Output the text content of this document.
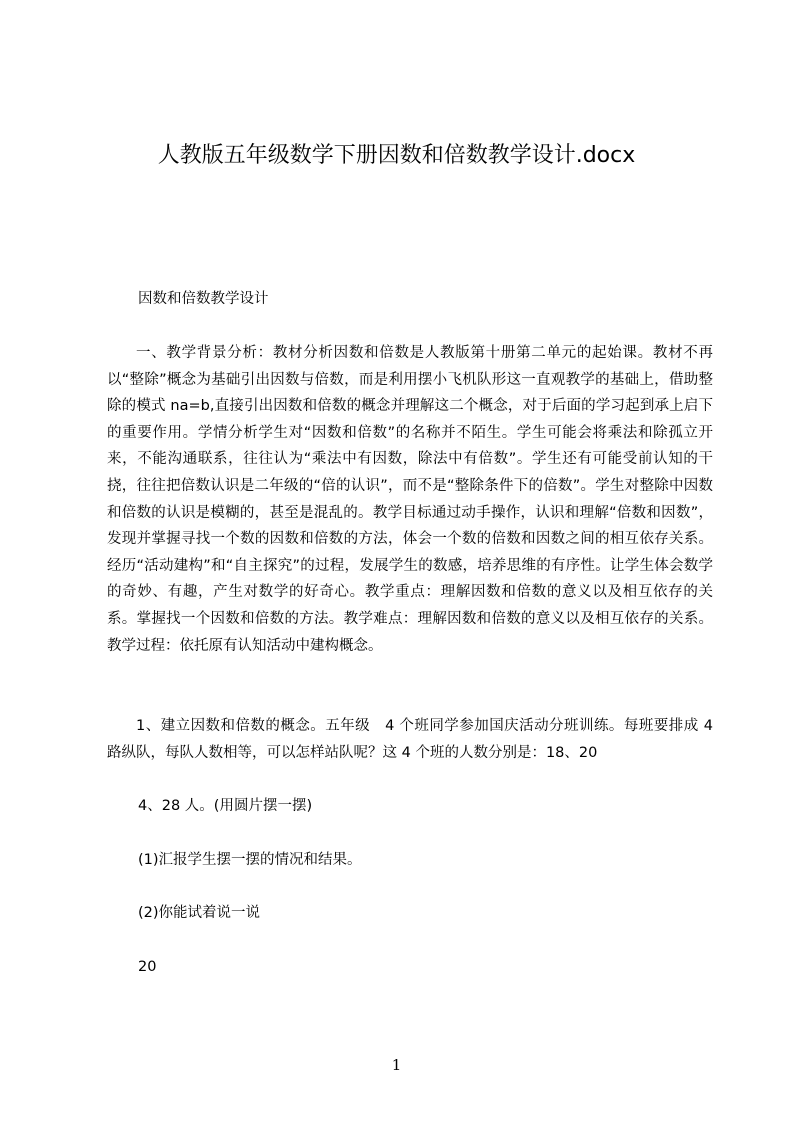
人教版五年级数学下册因数和倍数教学设计.docx
因数和倍数教学设计

一、教学背景分析：教材分析因数和倍数是人教版第十册第二单元的起始课。教材不再以“整除”概念为基础引出因数与倍数，而是利用摆小飞机队形这一直观教学的基础上，借助整除的模式 na=b,直接引出因数和倍数的概念并理解这二个概念，对于后面的学习起到承上启下的重要作用。学情分析学生对“因数和倍数”的名称并不陌生。学生可能会将乘法和除孤立开来，不能沟通联系，往往认为“乘法中有因数，除法中有倍数”。学生还有可能受前认知的干挠，往往把倍数认识是二年级的“倍的认识”，而不是“整除条件下的倍数”。学生对整除中因数和倍数的认识是模糊的，甚至是混乱的。教学目标通过动手操作，认识和理解“倍数和因数”，发现并掌握寻找一个数的因数和倍数的方法，体会一个数的倍数和因数之间的相互依存关系。经历“活动建构”和“自主探究”的过程，发展学生的数感，培养思维的有序性。让学生体会数学的奇妙、有趣，产生对数学的好奇心。教学重点：理解因数和倍数的意义以及相互依存的关系。掌握找一个因数和倍数的方法。教学难点：理解因数和倍数的意义以及相互依存的关系。教学过程：依托原有认知活动中建构概念。

1、建立因数和倍数的概念。五年级　4 个班同学参加国庆活动分班训练。每班要排成 4 路纵队，每队人数相等，可以怎样站队呢？这 4 个班的人数分别是：18、20

4、28 人。(用圆片摆一摆)

(1)汇报学生摆一摆的情况和结果。

(2)你能试着说一说

20

1
